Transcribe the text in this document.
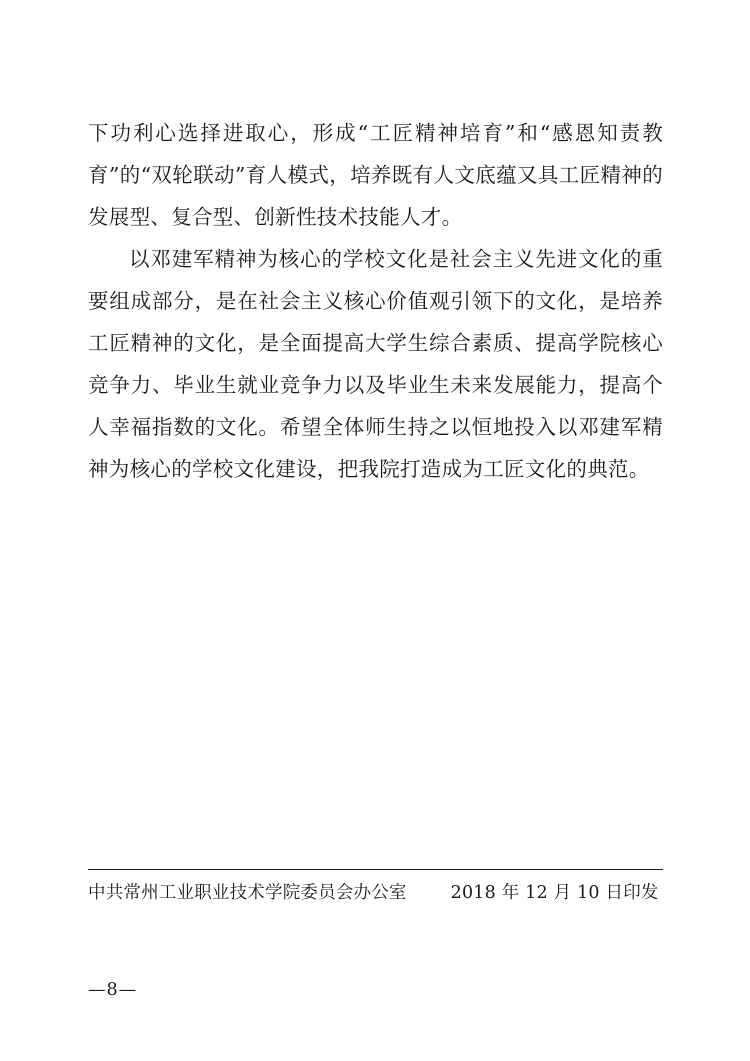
下功利心选择进取心，形成“工匠精神培育”和“感恩知责教育”的“双轮联动”育人模式，培养既有人文底蕴又具工匠精神的发展型、复合型、创新性技术技能人才。

以邓建军精神为核心的学校文化是社会主义先进文化的重要组成部分，是在社会主义核心价值观引领下的文化，是培养工匠精神的文化，是全面提高大学生综合素质、提高学院核心竞争力、毕业生就业竞争力以及毕业生未来发展能力，提高个人幸福指数的文化。希望全体师生持之以恒地投入以邓建军精神为核心的学校文化建设，把我院打造成为工匠文化的典范。

中共常州工业职业技术学院委员会办公室	2018 年 12 月 10 日印发
—8—
